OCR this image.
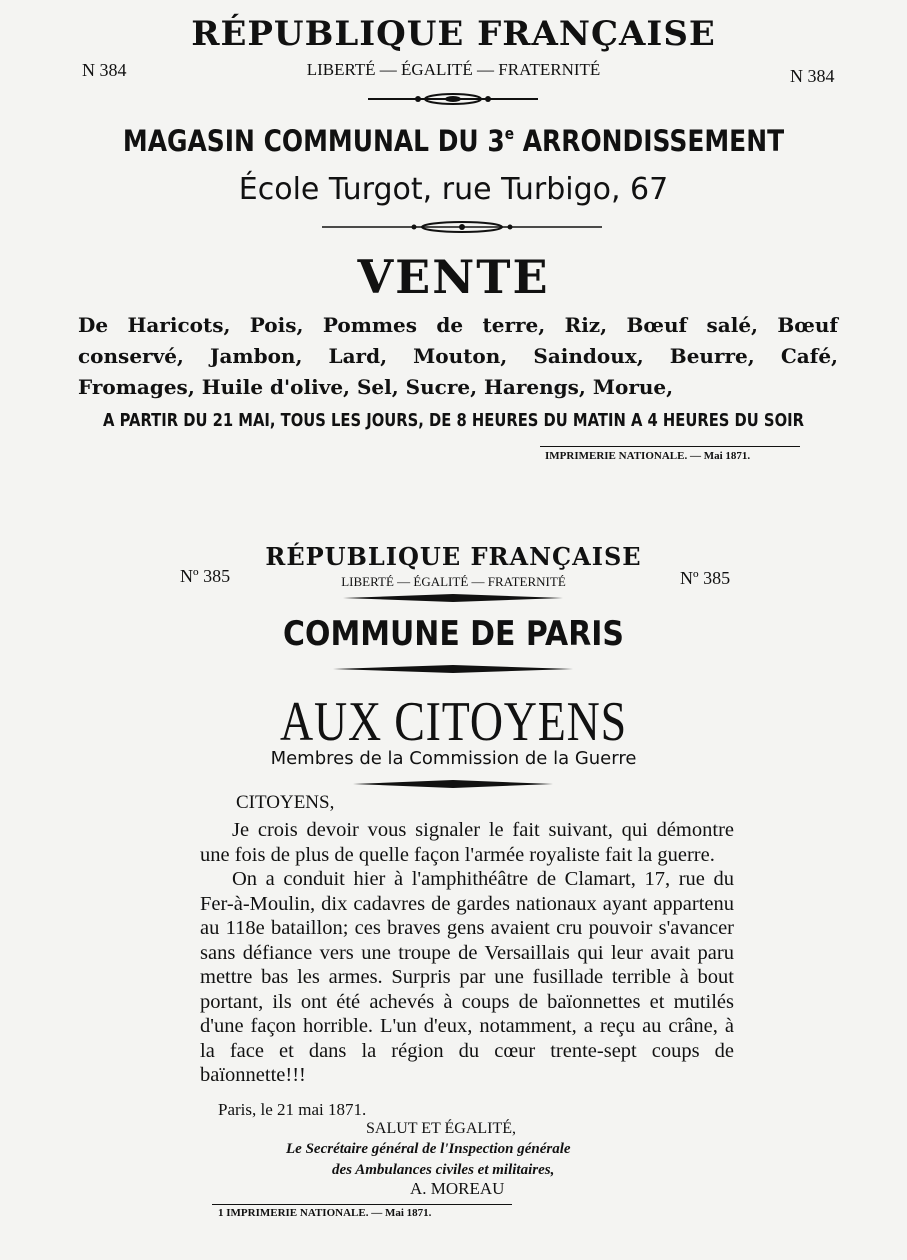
RÉPUBLIQUE FRANÇAISE
N 384	LIBERTÉ — ÉGALITÉ — FRATERNITÉ	N 384
MAGASIN COMMUNAL DU 3e ARRONDISSEMENT
École Turgot, rue Turbigo, 67
VENTE
De Haricots, Pois, Pommes de terre, Riz, Bœuf salé, Bœuf conservé, Jambon, Lard, Mouton, Saindoux, Beurre, Café, Fromages, Huile d'olive, Sel, Sucre, Harengs, Morue,
A PARTIR DU 21 MAI, TOUS LES JOURS, DE 8 HEURES DU MATIN A 4 HEURES DU SOIR
IMPRIMERIE NATIONALE. — Mai 1871.
RÉPUBLIQUE FRANÇAISE
Nº 385	LIBERTÉ — ÉGALITÉ — FRATERNITÉ	Nº 385
COMMUNE DE PARIS
AUX CITOYENS
Membres de la Commission de la Guerre
CITOYENS,

Je crois devoir vous signaler le fait suivant, qui démontre une fois de plus de quelle façon l'armée royaliste fait la guerre.

On a conduit hier à l'amphithéâtre de Clamart, 17, rue du Fer-à-Moulin, dix cadavres de gardes nationaux ayant appartenu au 118e bataillon; ces braves gens avaient cru pouvoir s'avancer sans défiance vers une troupe de Versaillais qui leur avait paru mettre bas les armes. Surpris par une fusillade terrible à bout portant, ils ont été achevés à coups de baïonnettes et mutilés d'une façon horrible. L'un d'eux, notamment, a reçu au crâne, à la face et dans la région du cœur trente-sept coups de baïonnette!!!

Paris, le 21 mai 1871.
SALUT ET ÉGALITÉ,
Le Secrétaire général de l'Inspection générale
des Ambulances civiles et militaires,
A. MOREAU
1 IMPRIMERIE NATIONALE. — Mai 1871.
